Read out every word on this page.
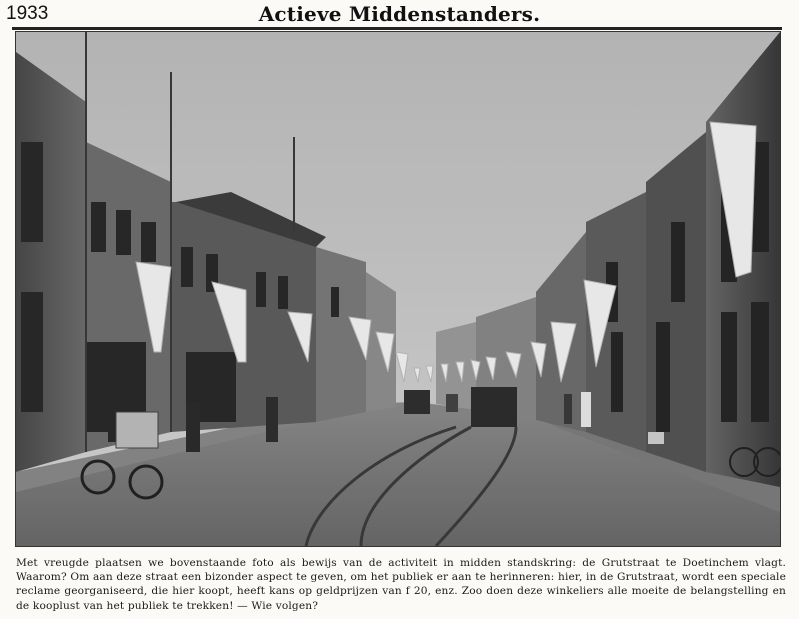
1933	Actieve Middenstanders.
Met vreugde plaatsen we bovenstaande foto als bewijs van de activiteit in midden standskring: de Grutstraat te Doetinchem vlagt. Waarom? Om aan deze straat een bizonder aspect te geven, om het publiek er aan te herinneren: hier, in de Grutstraat, wordt een speciale reclame georganiseerd, die hier koopt, heeft kans op geldprijzen van f 20, enz. Zoo doen deze winkeliers alle moeite de belangstelling en de kooplust van het publiek te trekken! — Wie volgen?
